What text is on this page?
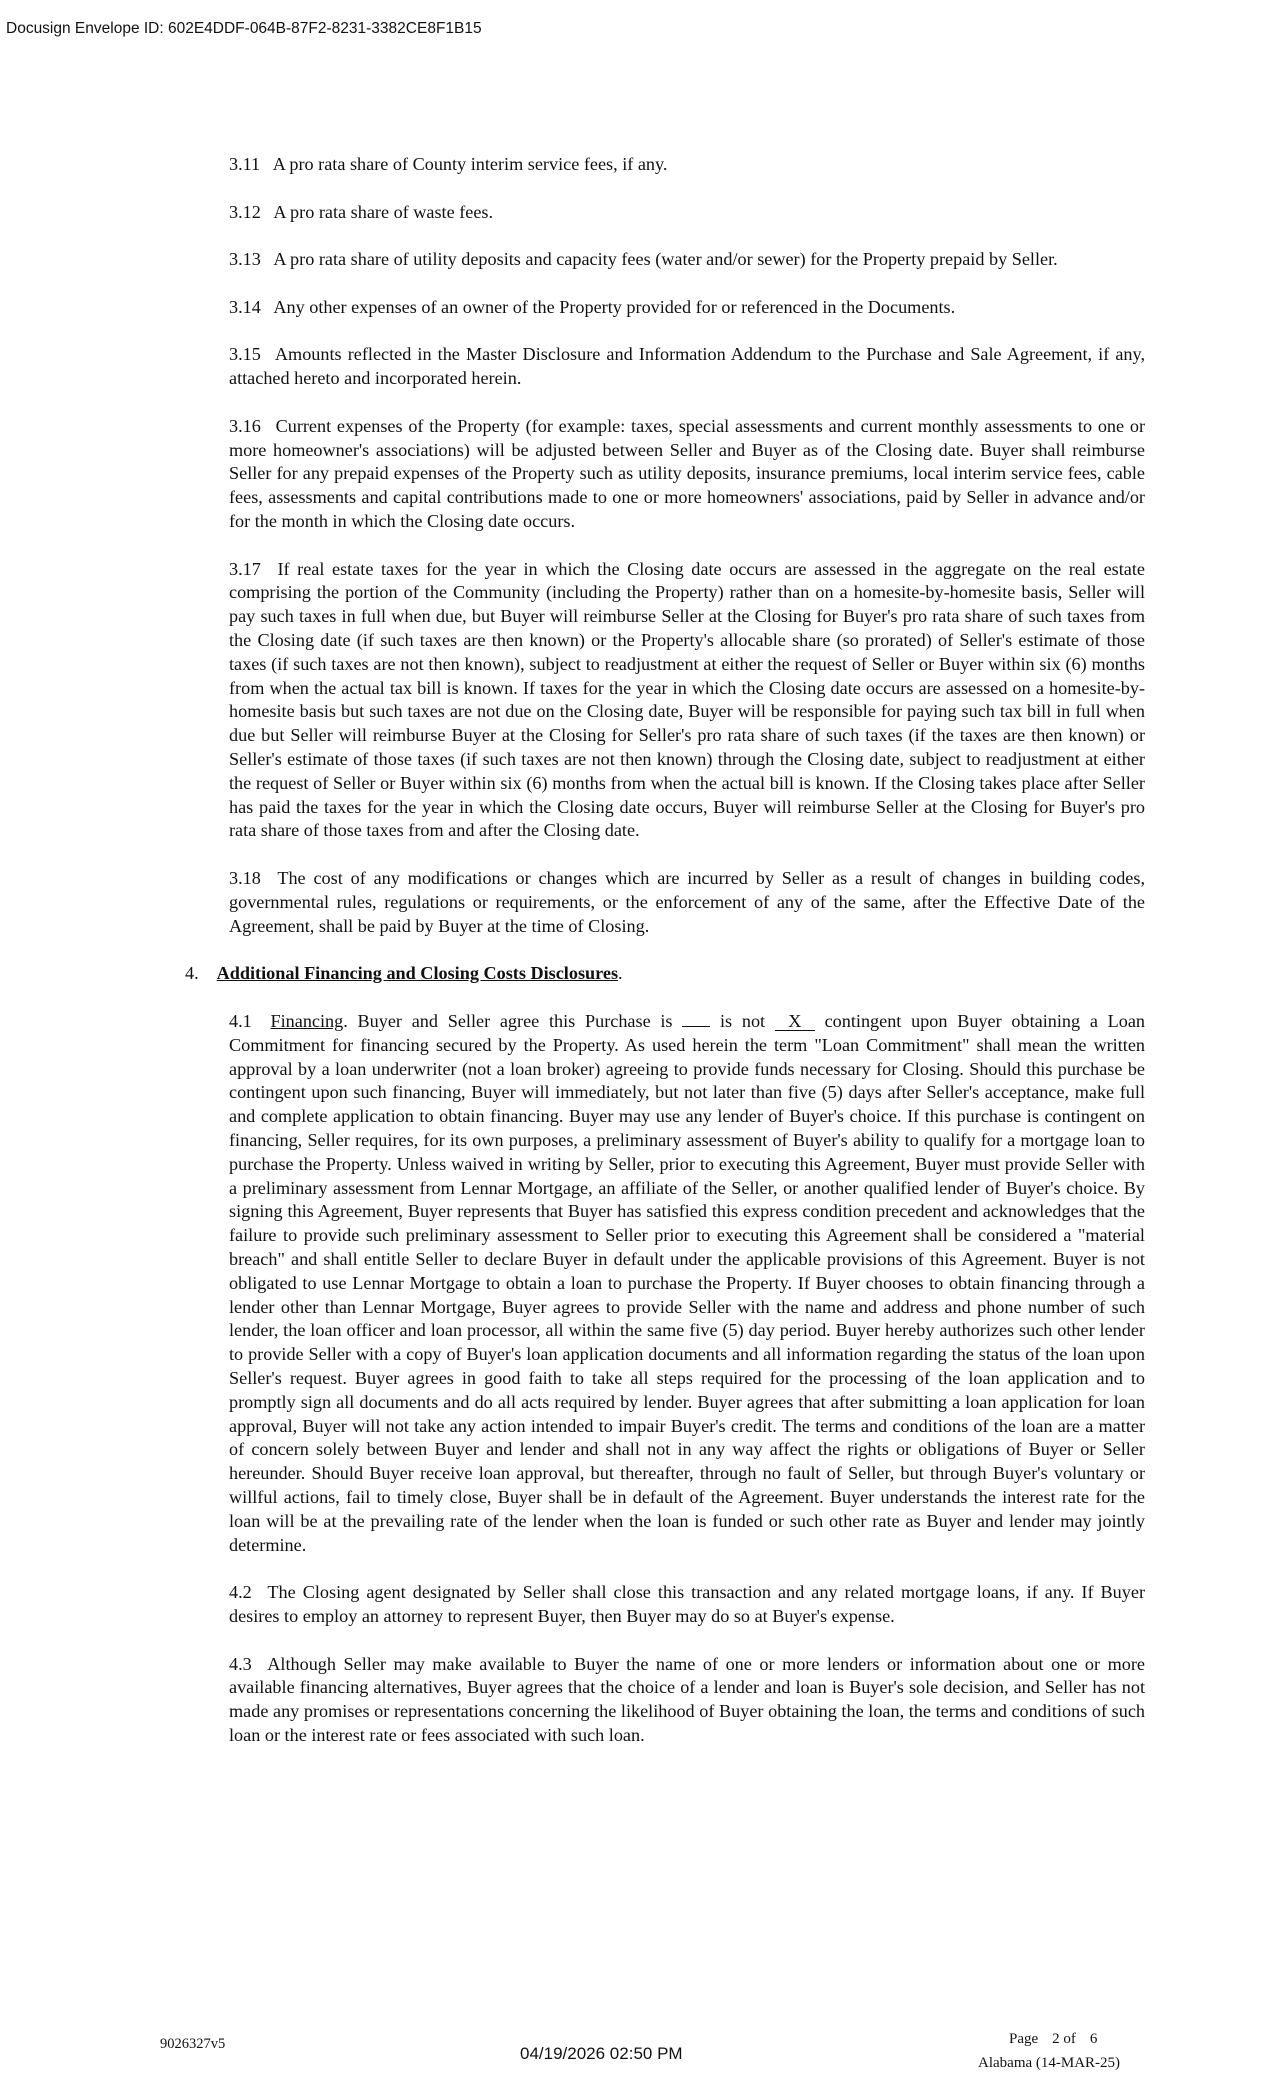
Docusign Envelope ID: 602E4DDF-064B-87F2-8231-3382CE8F1B15

3.11 A pro rata share of County interim service fees, if any.

3.12 A pro rata share of waste fees.

3.13 A pro rata share of utility deposits and capacity fees (water and/or sewer) for the Property prepaid by Seller.

3.14 Any other expenses of an owner of the Property provided for or referenced in the Documents.

3.15 Amounts reflected in the Master Disclosure and Information Addendum to the Purchase and Sale Agreement, if any, attached hereto and incorporated herein.

3.16 Current expenses of the Property (for example: taxes, special assessments and current monthly assessments to one or more homeowner's associations) will be adjusted between Seller and Buyer as of the Closing date. Buyer shall reimburse Seller for any prepaid expenses of the Property such as utility deposits, insurance premiums, local interim service fees, cable fees, assessments and capital contributions made to one or more homeowners' associations, paid by Seller in advance and/or for the month in which the Closing date occurs.

3.17 If real estate taxes for the year in which the Closing date occurs are assessed in the aggregate on the real estate comprising the portion of the Community (including the Property) rather than on a homesite-by-homesite basis, Seller will pay such taxes in full when due, but Buyer will reimburse Seller at the Closing for Buyer's pro rata share of such taxes from the Closing date (if such taxes are then known) or the Property's allocable share (so prorated) of Seller's estimate of those taxes (if such taxes are not then known), subject to readjustment at either the request of Seller or Buyer within six (6) months from when the actual tax bill is known. If taxes for the year in which the Closing date occurs are assessed on a homesite-by-homesite basis but such taxes are not due on the Closing date, Buyer will be responsible for paying such tax bill in full when due but Seller will reimburse Buyer at the Closing for Seller's pro rata share of such taxes (if the taxes are then known) or Seller's estimate of those taxes (if such taxes are not then known) through the Closing date, subject to readjustment at either the request of Seller or Buyer within six (6) months from when the actual bill is known. If the Closing takes place after Seller has paid the taxes for the year in which the Closing date occurs, Buyer will reimburse Seller at the Closing for Buyer's pro rata share of those taxes from and after the Closing date.

3.18 The cost of any modifications or changes which are incurred by Seller as a result of changes in building codes, governmental rules, regulations or requirements, or the enforcement of any of the same, after the Effective Date of the Agreement, shall be paid by Buyer at the time of Closing.

4. Additional Financing and Closing Costs Disclosures.

4.1 Financing. Buyer and Seller agree this Purchase is  is not X contingent upon Buyer obtaining a Loan Commitment for financing secured by the Property. As used herein the term "Loan Commitment" shall mean the written approval by a loan underwriter (not a loan broker) agreeing to provide funds necessary for Closing. Should this purchase be contingent upon such financing, Buyer will immediately, but not later than five (5) days after Seller's acceptance, make full and complete application to obtain financing. Buyer may use any lender of Buyer's choice. If this purchase is contingent on financing, Seller requires, for its own purposes, a preliminary assessment of Buyer's ability to qualify for a mortgage loan to purchase the Property. Unless waived in writing by Seller, prior to executing this Agreement, Buyer must provide Seller with a preliminary assessment from Lennar Mortgage, an affiliate of the Seller, or another qualified lender of Buyer's choice. By signing this Agreement, Buyer represents that Buyer has satisfied this express condition precedent and acknowledges that the failure to provide such preliminary assessment to Seller prior to executing this Agreement shall be considered a "material breach" and shall entitle Seller to declare Buyer in default under the applicable provisions of this Agreement. Buyer is not obligated to use Lennar Mortgage to obtain a loan to purchase the Property. If Buyer chooses to obtain financing through a lender other than Lennar Mortgage, Buyer agrees to provide Seller with the name and address and phone number of such lender, the loan officer and loan processor, all within the same five (5) day period. Buyer hereby authorizes such other lender to provide Seller with a copy of Buyer's loan application documents and all information regarding the status of the loan upon Seller's request. Buyer agrees in good faith to take all steps required for the processing of the loan application and to promptly sign all documents and do all acts required by lender. Buyer agrees that after submitting a loan application for loan approval, Buyer will not take any action intended to impair Buyer's credit. The terms and conditions of the loan are a matter of concern solely between Buyer and lender and shall not in any way affect the rights or obligations of Buyer or Seller hereunder. Should Buyer receive loan approval, but thereafter, through no fault of Seller, but through Buyer's voluntary or willful actions, fail to timely close, Buyer shall be in default of the Agreement. Buyer understands the interest rate for the loan will be at the prevailing rate of the lender when the loan is funded or such other rate as Buyer and lender may jointly determine.

4.2 The Closing agent designated by Seller shall close this transaction and any related mortgage loans, if any. If Buyer desires to employ an attorney to represent Buyer, then Buyer may do so at Buyer's expense.

4.3 Although Seller may make available to Buyer the name of one or more lenders or information about one or more available financing alternatives, Buyer agrees that the choice of a lender and loan is Buyer's sole decision, and Seller has not made any promises or representations concerning the likelihood of Buyer obtaining the loan, the terms and conditions of such loan or the interest rate or fees associated with such loan.

9026327v5	04/19/2026 02:50 PM
Page 2 of 6
Alabama (14-MAR-25)
